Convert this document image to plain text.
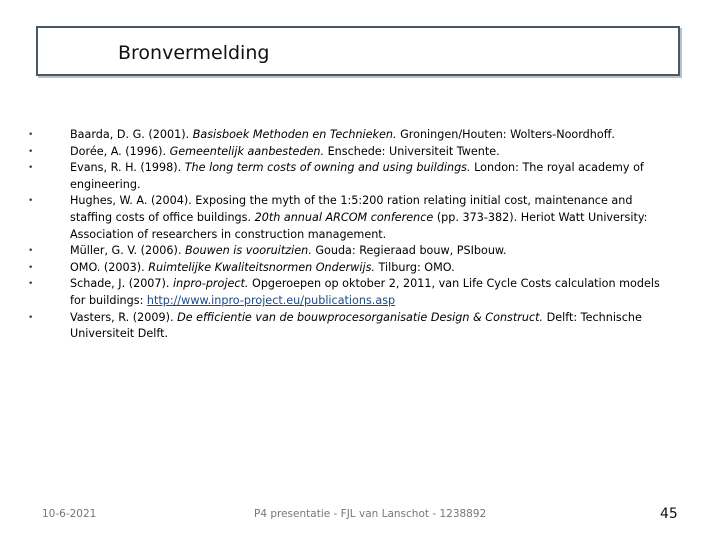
Bronvermelding
•	Baarda, D. G. (2001). Basisboek Methoden en Technieken. Groningen/Houten: Wolters-Noordhoff.
•	Dorée, A. (1996). Gemeentelijk aanbesteden. Enschede: Universiteit Twente.
•	Evans, R. H. (1998). The long term costs of owning and using buildings. London: The royal academy of engineering.
•	Hughes, W. A. (2004). Exposing the myth of the 1:5:200 ration relating initial cost, maintenance and staffing costs of office buildings. 20th annual ARCOM conference (pp. 373-382). Heriot Watt University: Association of researchers in construction management.
•	Müller, G. V. (2006). Bouwen is vooruitzien. Gouda: Regieraad bouw, PSIbouw.
•	OMO. (2003). Ruimtelijke Kwaliteitsnormen Onderwijs. Tilburg: OMO.
•	Schade, J. (2007). inpro-project. Opgeroepen op oktober 2, 2011, van Life Cycle Costs calculation models for buildings: http://www.inpro-project.eu/publications.asp
•	Vasters, R. (2009). De efficientie van de bouwprocesorganisatie Design & Construct. Delft: Technische Universiteit Delft.
10-6-2021	P4 presentatie - FJL van Lanschot - 1238892	45
